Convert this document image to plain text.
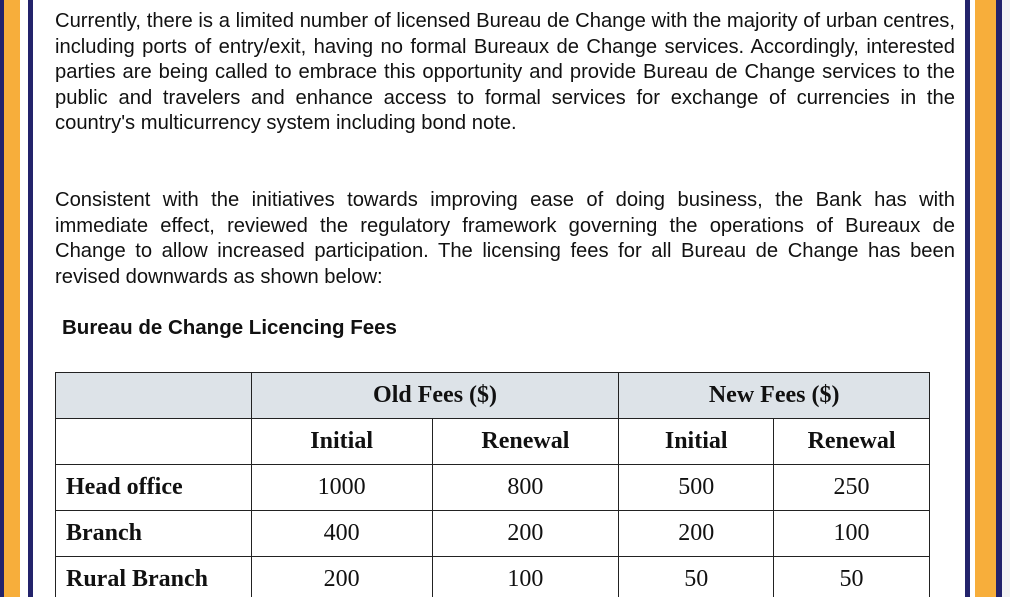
Currently, there is a limited number of licensed Bureau de Change with the majority of urban centres, including ports of entry/exit, having no formal Bureaux de Change services. Accordingly, interested parties are being called to embrace this opportunity and provide Bureau de Change services to the public and travelers and enhance access to formal services for exchange of currencies in the country's multicurrency system including bond note.

Consistent with the initiatives towards improving ease of doing business, the Bank has with immediate effect, reviewed the regulatory framework governing the operations of Bureaux de Change to allow increased participation. The licensing fees for all Bureau de Change has been revised downwards as shown below:

Bureau de Change Licencing Fees
	Old Fees ($)		New Fees ($)	
	Initial	Renewal	Initial	Renewal
Head office	1000	800	500	250
Branch	400	200	200	100
Rural Branch	200	100	50	50
